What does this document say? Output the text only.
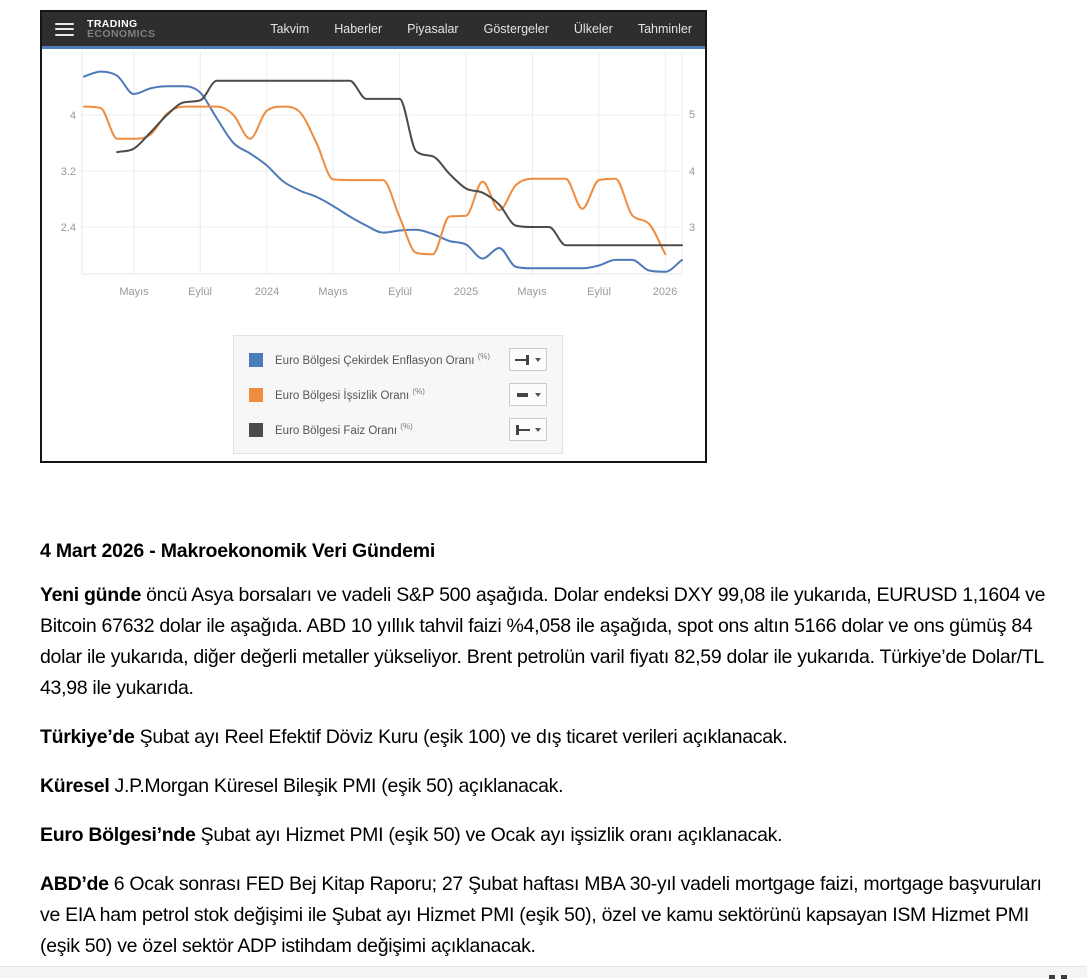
4
3.2
2.4
5
4
3
Mayıs	Eylül	2024	Mayıs	Eylül	2025	Mayıs	Eylül	2026
TRADING
ECONOMICS	Takvim Haberler Piyasalar Göstergeler Ülkeler Tahminler
Euro Bölgesi Çekirdek Enflasyon Oranı (%)
Euro Bölgesi İşsizlik Oranı (%)
Euro Bölgesi Faiz Oranı (%)
4 Mart 2026 - Makroekonomik Veri Gündemi

Yeni günde öncü Asya borsaları ve vadeli S&P 500 aşağıda. Dolar endeksi DXY 99,08 ile yukarıda, EURUSD 1,1604 ve Bitcoin 67632 dolar ile aşağıda. ABD 10 yıllık tahvil faizi %4,058 ile aşağıda, spot ons altın 5166 dolar ve ons gümüş 84 dolar ile yukarıda, diğer değerli metaller yükseliyor. Brent petrolün varil fiyatı 82,59 dolar ile yukarıda. Türkiye’de Dolar/TL 43,98 ile yukarıda.

Türkiye’de Şubat ayı Reel Efektif Döviz Kuru (eşik 100) ve dış ticaret verileri açıklanacak.

Küresel J.P.Morgan Küresel Bileşik PMI (eşik 50) açıklanacak.

Euro Bölgesi’nde Şubat ayı Hizmet PMI (eşik 50) ve Ocak ayı işsizlik oranı açıklanacak.

ABD’de 6 Ocak sonrası FED Bej Kitap Raporu; 27 Şubat haftası MBA 30-yıl vadeli mortgage faizi, mortgage başvuruları ve EIA ham petrol stok değişimi ile Şubat ayı Hizmet PMI (eşik 50), özel ve kamu sektörünü kapsayan ISM Hizmet PMI (eşik 50) ve özel sektör ADP istihdam değişimi açıklanacak.
